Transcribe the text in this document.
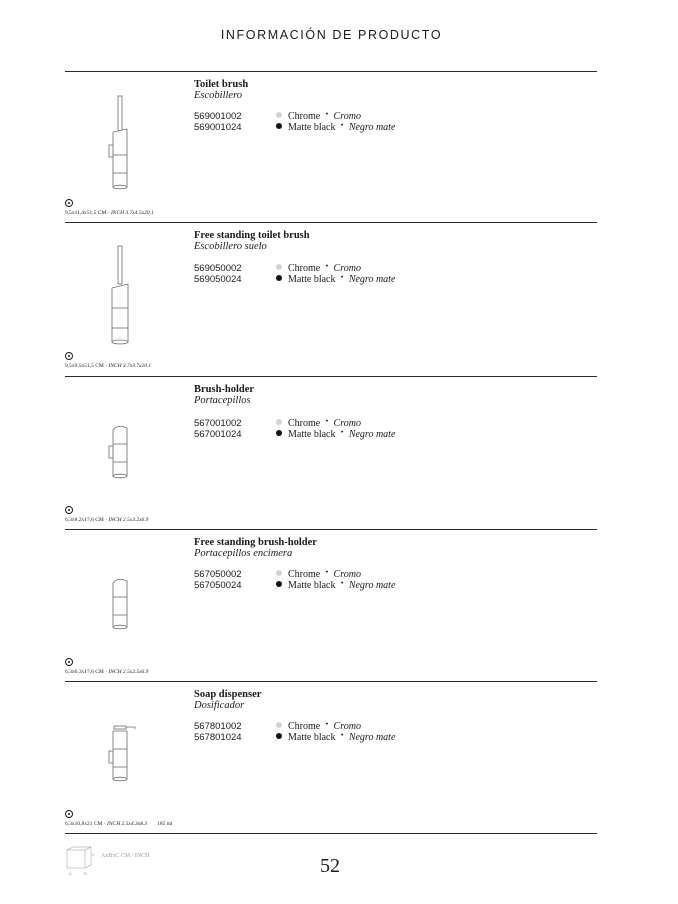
INFORMACIÓN DE PRODUCTO
Toilet brush
Escobillero
569001002	Chrome · Cromo
569001024	Matte black · Negro mate
9,5x11,4x51,5 CM · INCH 3.7x4.5x20.1
Free standing toilet brush
Escobillero suelo
569050002	Chrome · Cromo
569050024	Matte black · Negro mate
9,5x9,5x51,5 CM · INCH 3.7x3.7x20.1
Brush-holder
Portacepillos
567001002	Chrome · Cromo
567001024	Matte black · Negro mate
6,3x8,2x17,6 CM · INCH 2.5x3.2x6.9
Free standing brush-holder
Portacepillos encimera
567050002	Chrome · Cromo
567050024	Matte black · Negro mate
6,3x6,3x17,6 CM · INCH 2.5x2.5x6.9
Soap dispenser
Dosificador
567801002	Chrome · Cromo
567801024	Matte black · Negro mate
6,3x10,8x21 CM · INCH 2.5x4.3x8.3 185 ml
A	B
C AxBxC CM / INCH	52
